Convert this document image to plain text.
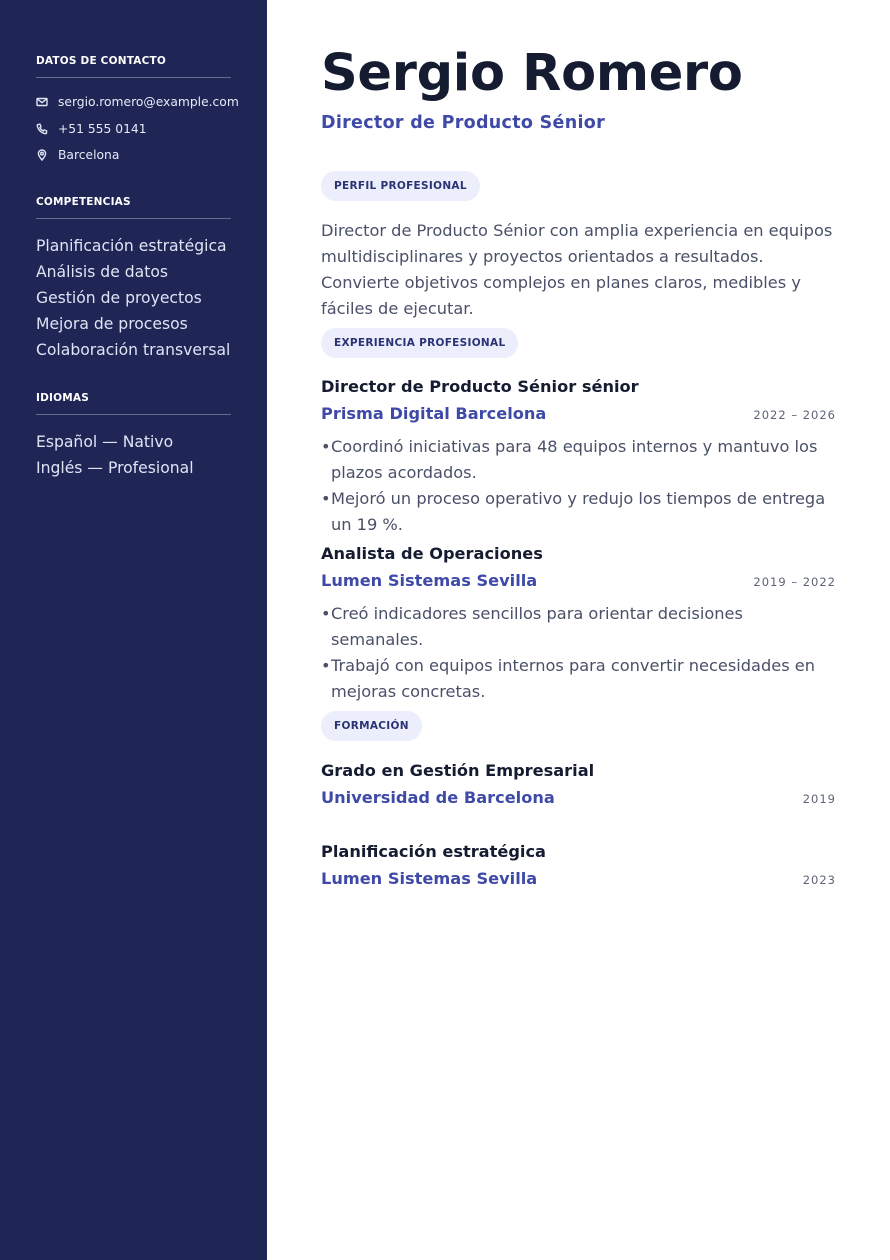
DATOS DE CONTACTO
sergio.romero@example.com
+51 555 0141
Barcelona
COMPETENCIAS
Planificación estratégica
Análisis de datos
Gestión de proyectos
Mejora de procesos
Colaboración transversal
IDIOMAS
Español — Nativo
Inglés — Profesional
Sergio Romero
Director de Producto Sénior
PERFIL PROFESIONAL

Director de Producto Sénior con amplia experiencia en equipos multidisciplinares y proyectos orientados a resultados. Convierte objetivos complejos en planes claros, medibles y fáciles de ejecutar.

EXPERIENCIA PROFESIONAL
Director de Producto Sénior sénior
Prisma Digital Barcelona	2022 – 2026
• Coordinó iniciativas para 48 equipos internos y mantuvo los plazos acordados.
• Mejoró un proceso operativo y redujo los tiempos de entrega un 19 %.
Analista de Operaciones
Lumen Sistemas Sevilla	2019 – 2022
• Creó indicadores sencillos para orientar decisiones semanales.
• Trabajó con equipos internos para convertir necesidades en mejoras concretas.
FORMACIÓN
Grado en Gestión Empresarial
Universidad de Barcelona	2019
Planificación estratégica
Lumen Sistemas Sevilla	2023
